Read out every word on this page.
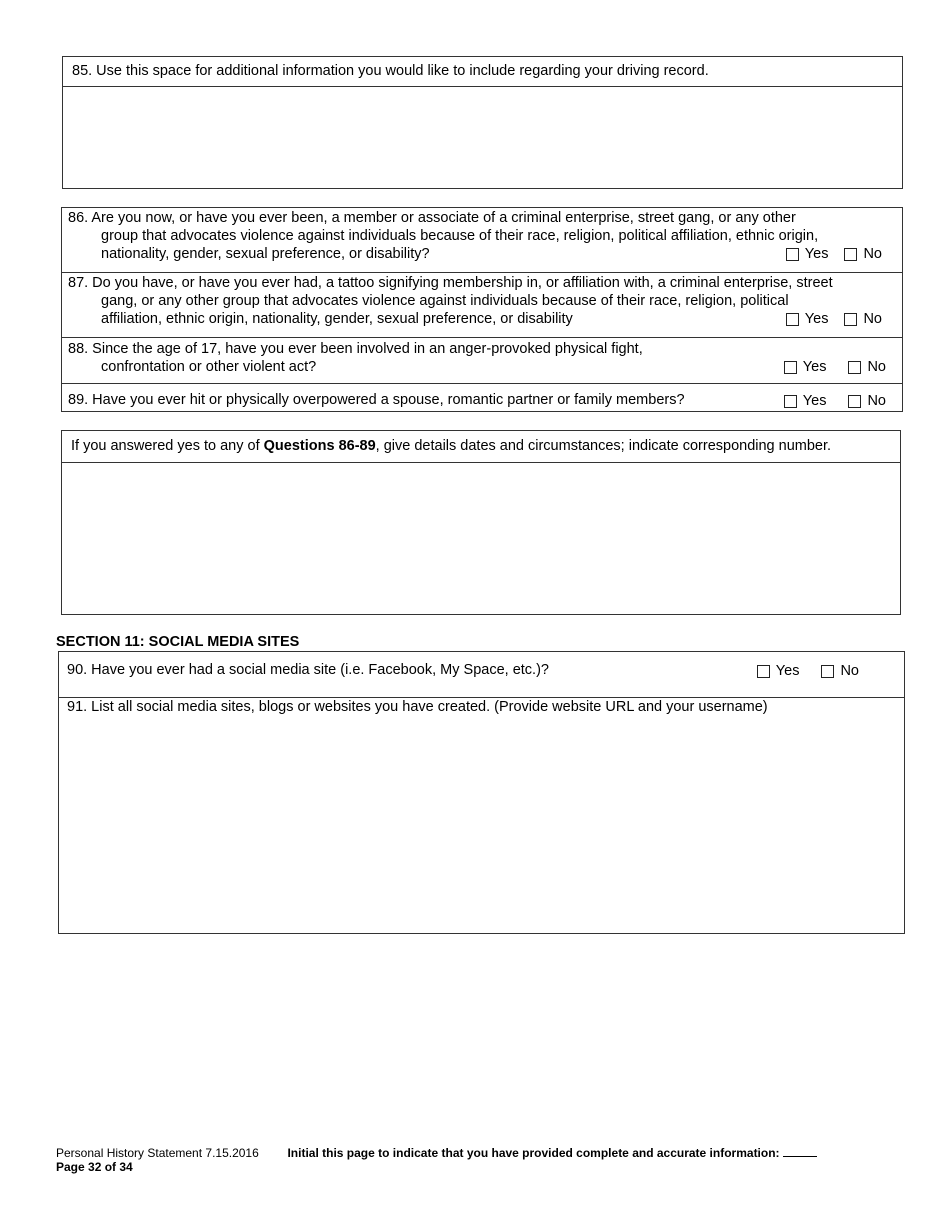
85. Use this space for additional information you would like to include regarding your driving record.
86. Are you now, or have you ever been, a member or associate of a criminal enterprise, street gang, or any other
group that advocates violence against individuals because of their race, religion, political affiliation, ethnic origin,
nationality, gender, sexual preference, or disability?	Yes No
87. Do you have, or have you ever had, a tattoo signifying membership in, or affiliation with, a criminal enterprise, street
gang, or any other group that advocates violence against individuals because of their race, religion, political
affiliation, ethnic origin, nationality, gender, sexual preference, or disability	Yes No
88. Since the age of 17, have you ever been involved in an anger-provoked physical fight,
confrontation or other violent act?	Yes	No
89. Have you ever hit or physically overpowered a spouse, romantic partner or family members?	Yes	No
If you answered yes to any of Questions 86-89, give details dates and circumstances; indicate corresponding number.
SECTION 11: SOCIAL MEDIA SITES
90. Have you ever had a social media site (i.e. Facebook, My Space, etc.)?	Yes	No
91. List all social media sites, blogs or websites you have created. (Provide website URL and your username)
Personal History Statement 7.15.2016 Initial this page to indicate that you have provided complete and accurate information:
Page 32 of 34
